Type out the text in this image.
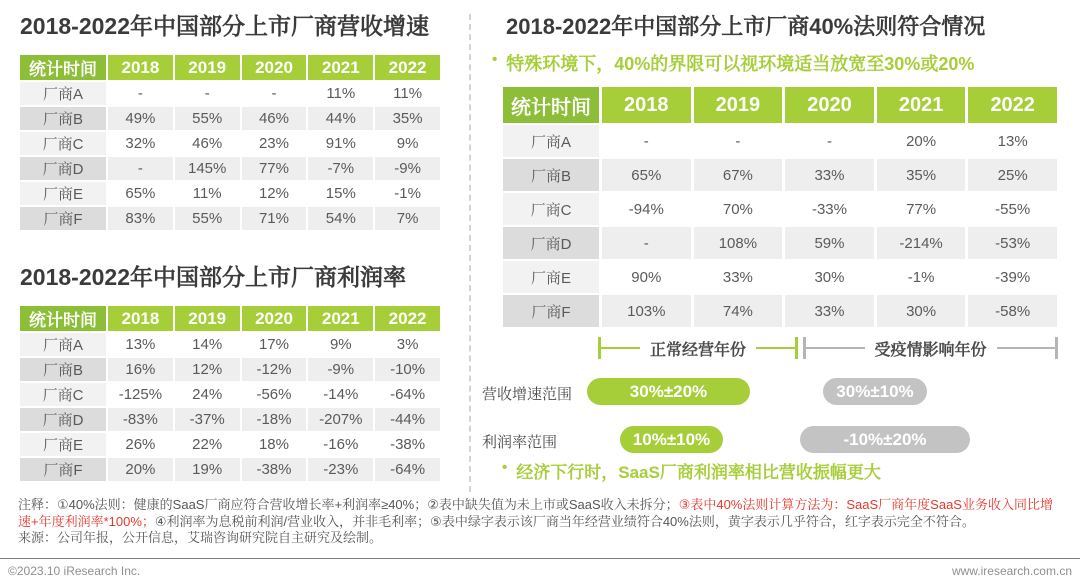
2018-2022年中国部分上市厂商营收增速
统计时间	2018	2019	2020	2021	2022
厂商A	-	-	-	11%	11%
厂商B	49%	55%	46%	44%	35%
厂商C	32%	46%	23%	91%	9%
厂商D	-	145%	77%	-7%	-9%
厂商E	65%	11%	12%	15%	-1%
厂商F	83%	55%	71%	54%	7%
2018-2022年中国部分上市厂商利润率
统计时间	2018	2019	2020	2021	2022
厂商A	13%	14%	17%	9%	3%
厂商B	16%	12%	-12%	-9%	-10%
厂商C	-125%	24%	-56%	-14%	-64%
厂商D	-83%	-37%	-18%	-207%	-44%
厂商E	26%	22%	18%	-16%	-38%
厂商F	20%	19%	-38%	-23%	-64%
2018-2022年中国部分上市厂商40%法则符合情况
• 特殊环境下，40%的界限可以视环境适当放宽至30%或20%
统计时间	2018	2019	2020	2021	2022
厂商A	-	-	-	20%	13%
厂商B	65%	67%	33%	35%	25%
厂商C	-94%	70%	-33%	77%	-55%
厂商D	-	108%	59%	-214%	-53%
厂商E	90%	33%	30%	-1%	-39%
厂商F	103%	74%	33%	30%	-58%
正常经营年份	受疫情影响年份
营收增速范围	30%±20%	30%±10%
利润率范围	10%±10%	-10%±20%
• 经济下行时，SaaS厂商利润率相比营收振幅更大

注释：①40%法则：健康的SaaS厂商应符合营收增长率+利润率≥40%；②表中缺失值为未上市或SaaS收入未拆分；③表中40%法则计算方法为：SaaS厂商年度SaaS业务收入同比增速+年度利润率*100%；④利润率为息税前利润/营业收入，并非毛利率；⑤表中绿字表示该厂商当年经营业绩符合40%法则，黄字表示几乎符合，红字表示完全不符合。

来源：公司年报，公开信息，艾瑞咨询研究院自主研究及绘制。

©2023.10 iResearch Inc.	www.iresearch.com.cn
